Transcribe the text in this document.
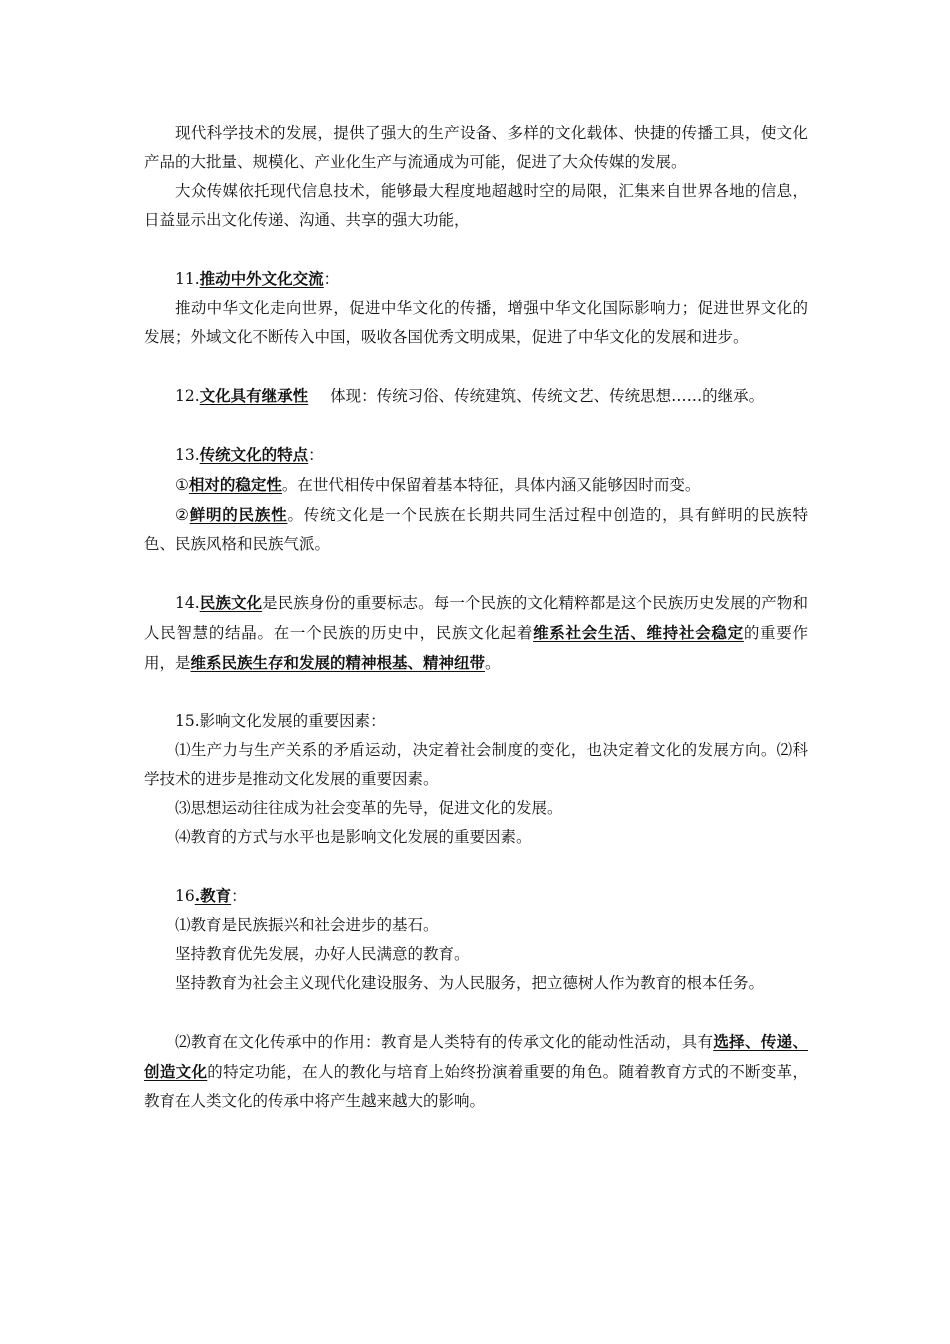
现代科学技术的发展，提供了强大的生产设备、多样的文化载体、快捷的传播工具，使文化产品的大批量、规模化、产业化生产与流通成为可能，促进了大众传媒的发展。

大众传媒依托现代信息技术，能够最大程度地超越时空的局限，汇集来自世界各地的信息，日益显示出文化传递、沟通、共享的强大功能，

11.推动中外文化交流：

推动中华文化走向世界，促进中华文化的传播，增强中华文化国际影响力；促进世界文化的发展；外域文化不断传入中国，吸收各国优秀文明成果，促进了中华文化的发展和进步。

12.文化具有继承性 体现：传统习俗、传统建筑、传统文艺、传统思想……的继承。

13.传统文化的特点：

①相对的稳定性。在世代相传中保留着基本特征，具体内涵又能够因时而变。

②鲜明的民族性。传统文化是一个民族在长期共同生活过程中创造的，具有鲜明的民族特色、民族风格和民族气派。

14.民族文化是民族身份的重要标志。每一个民族的文化精粹都是这个民族历史发展的产物和人民智慧的结晶。在一个民族的历史中，民族文化起着维系社会生活、维持社会稳定的重要作用，是维系民族生存和发展的精神根基、精神纽带。

15.影响文化发展的重要因素：

⑴生产力与生产关系的矛盾运动，决定着社会制度的变化，也决定着文化的发展方向。⑵科学技术的进步是推动文化发展的重要因素。

⑶思想运动往往成为社会变革的先导，促进文化的发展。

⑷教育的方式与水平也是影响文化发展的重要因素。

16.教育：

⑴教育是民族振兴和社会进步的基石。

坚持教育优先发展，办好人民满意的教育。

坚持教育为社会主义现代化建设服务、为人民服务，把立德树人作为教育的根本任务。

⑵教育在文化传承中的作用：教育是人类特有的传承文化的能动性活动，具有选择、传递、创造文化的特定功能，在人的教化与培育上始终扮演着重要的角色。随着教育方式的不断变革，教育在人类文化的传承中将产生越来越大的影响。
